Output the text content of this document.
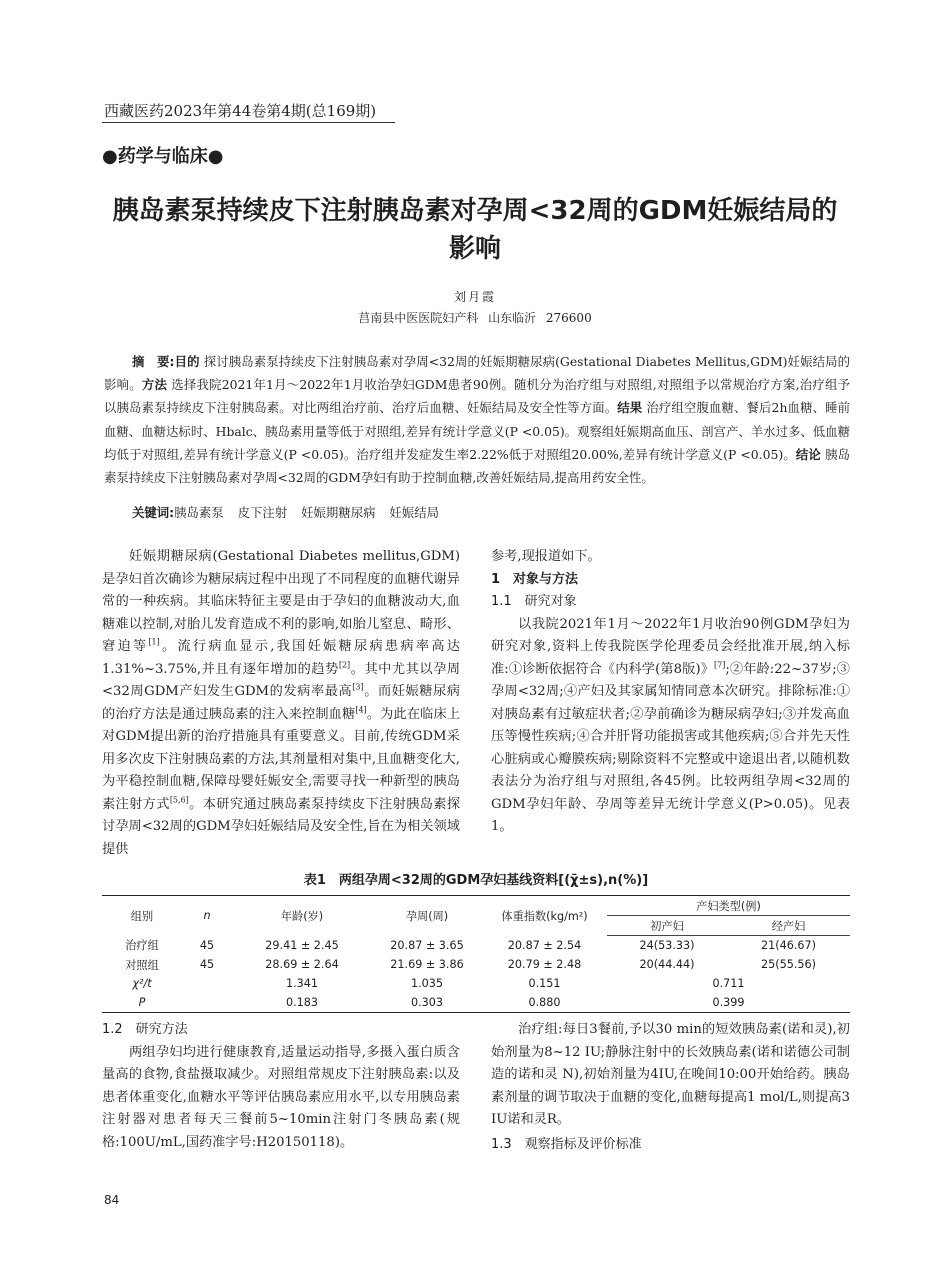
西藏医药2023年第44卷第4期(总169期)
●药学与临床●
胰岛素泵持续皮下注射胰岛素对孕周<32周的GDM妊娠结局的影响
刘月霞
莒南县中医医院妇产科 山东临沂 276600

摘　要:目的 探讨胰岛素泵持续皮下注射胰岛素对孕周<32周的妊娠期糖尿病(Gestational Diabetes Mellitus,GDM)妊娠结局的影响。方法 选择我院2021年1月～2022年1月收治孕妇GDM患者90例。随机分为治疗组与对照组,对照组予以常规治疗方案,治疗组予以胰岛素泵持续皮下注射胰岛素。对比两组治疗前、治疗后血糖、妊娠结局及安全性等方面。结果 治疗组空腹血糖、餐后2h血糖、睡前血糖、血糖达标时、Hbalc、胰岛素用量等低于对照组,差异有统计学意义(P <0.05)。观察组妊娠期高血压、剖宫产、羊水过多、低血糖均低于对照组,差异有统计学意义(P <0.05)。治疗组并发症发生率2.22%低于对照组20.00%,差异有统计学意义(P <0.05)。结论 胰岛素泵持续皮下注射胰岛素对孕周<32周的GDM孕妇有助于控制血糖,改善妊娠结局,提高用药安全性。

关键词:胰岛素泵 皮下注射 妊娠期糖尿病 妊娠结局

妊娠期糖尿病(Gestational Diabetes mellitus,GDM)是孕妇首次确诊为糖尿病过程中出现了不同程度的血糖代谢异常的一种疾病。其临床特征主要是由于孕妇的血糖波动大,血糖难以控制,对胎儿发育造成不利的影响,如胎儿窒息、畸形、窘迫等[1]。流行病血显示,我国妊娠糖尿病患病率高达1.31%~3.75%,并且有逐年增加的趋势[2]。其中尤其以孕周<32周GDM产妇发生GDM的发病率最高[3]。而妊娠糖尿病的治疗方法是通过胰岛素的注入来控制血糖[4]。为此在临床上对GDM提出新的治疗措施具有重要意义。目前,传统GDM采用多次皮下注射胰岛素的方法,其剂量相对集中,且血糖变化大,为平稳控制血糖,保障母婴妊娠安全,需要寻找一种新型的胰岛素注射方式[5,6]。本研究通过胰岛素泵持续皮下注射胰岛素探讨孕周<32周的GDM孕妇妊娠结局及安全性,旨在为相关领域提供

参考,现报道如下。

1　对象与方法

1.1　研究对象

以我院2021年1月～2022年1月收治90例GDM孕妇为研究对象,资料上传我院医学伦理委员会经批准开展,纳入标准:①诊断依据符合《内科学(第8版)》[7];②年龄:22~37岁;③孕周<32周;④产妇及其家属知情同意本次研究。排除标准:①对胰岛素有过敏症状者;②孕前确诊为糖尿病孕妇;③并发高血压等慢性疾病;④合并肝肾功能损害或其他疾病;⑤合并先天性心脏病或心瓣膜疾病;剔除资料不完整或中途退出者,以随机数表法分为治疗组与对照组,各45例。比较两组孕周<32周的GDM孕妇年龄、孕周等差异无统计学意义(P>0.05)。见表1。

表1　两组孕周<32周的GDM孕妇基线资料[(χ̄±s),n(%)]
组别	n	年龄(岁)	孕周(周)	体重指数(kg/m²)	产妇类型(例)	
					初产妇	经产妇
治疗组	45	29.41 ± 2.45	20.87 ± 3.65	20.87 ± 2.54	24(53.33)	21(46.67)
对照组	45	28.69 ± 2.64	21.69 ± 3.86	20.79 ± 2.48	20(44.44)	25(55.56)
χ²/t		1.341	1.035	0.151	0.711	
P		0.183	0.303	0.880	0.399	

1.2　研究方法

两组孕妇均进行健康教育,适量运动指导,多摄入蛋白质含量高的食物,食盐摄取减少。对照组常规皮下注射胰岛素:以及患者体重变化,血糖水平等评估胰岛素应用水平,以专用胰岛素注射器对患者每天三餐前5~10min注射门冬胰岛素(规格:100U/mL,国药准字号:H20150118)。

治疗组:每日3餐前,予以30 min的短效胰岛素(诺和灵),初始剂量为8~12 IU;静脉注射中的长效胰岛素(诺和诺德公司制造的诺和灵 N),初始剂量为4IU,在晚间10:00开始给药。胰岛素剂量的调节取决于血糖的变化,血糖每提高1 mol/L,则提高3 IU诺和灵R。

1.3　观察指标及评价标准

84
